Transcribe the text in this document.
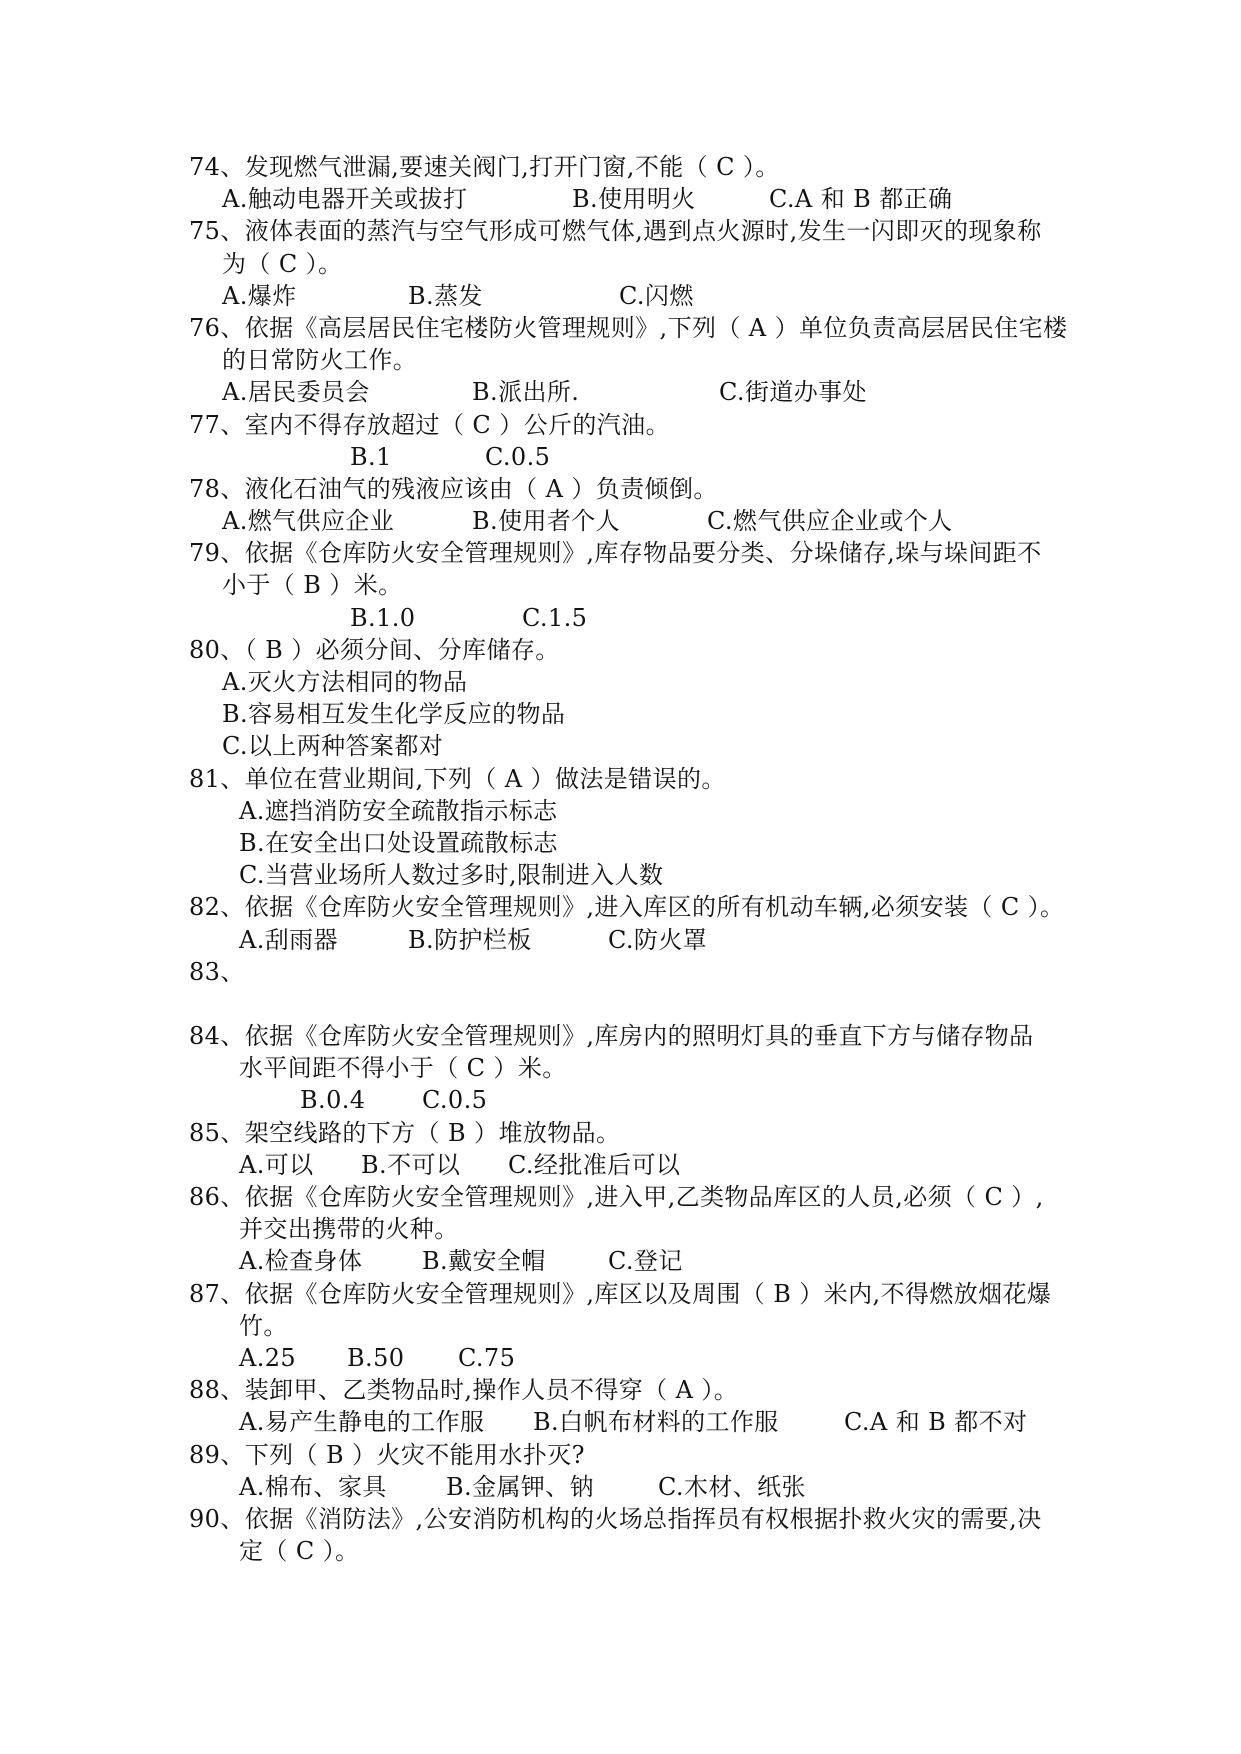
74、发现燃气泄漏,要速关阀门,打开门窗,不能（ C ）。
A.触动电器开关或拔打	B.使用明火	C.A 和 B 都正确
75、液体表面的蒸汽与空气形成可燃气体,遇到点火源时,发生一闪即灭的现象称
为（ C ）。
A.爆炸	B.蒸发	C.闪燃
76、依据《高层居民住宅楼防火管理规则》,下列（ A ）单位负责高层居民住宅楼
的日常防火工作。
A.居民委员会	B.派出所.	C.街道办事处
77、室内不得存放超过（ C ）公斤的汽油。
B.1	C.0.5
78、液化石油气的残液应该由（ A ）负责倾倒。
A.燃气供应企业	B.使用者个人	C.燃气供应企业或个人
79、依据《仓库防火安全管理规则》,库存物品要分类、分垛储存,垛与垛间距不
小于（ B ）米。
B.1.0	C.1.5
80、（ B ）必须分间、分库储存。
A.灭火方法相同的物品
B.容易相互发生化学反应的物品
C.以上两种答案都对
81、单位在营业期间,下列（ A ）做法是错误的。
A.遮挡消防安全疏散指示标志
B.在安全出口处设置疏散标志
C.当营业场所人数过多时,限制进入人数
82、依据《仓库防火安全管理规则》,进入库区的所有机动车辆,必须安装（ C ）。
A.刮雨器	B.防护栏板	C.防火罩
83、
84、依据《仓库防火安全管理规则》,库房内的照明灯具的垂直下方与储存物品
水平间距不得小于（ C ）米。
B.0.4 C.0.5
85、架空线路的下方（ B ）堆放物品。
A.可以 B.不可以 C.经批准后可以
86、依据《仓库防火安全管理规则》,进入甲,乙类物品库区的人员,必须（ C ）,
并交出携带的火种。
A.检查身体 B.戴安全帽	C.登记
87、依据《仓库防火安全管理规则》,库区以及周围（ B ）米内,不得燃放烟花爆
竹。
A.25 B.50 C.75
88、装卸甲、乙类物品时,操作人员不得穿（ A ）。
A.易产生静电的工作服 B.白帆布材料的工作服	C.A 和 B 都不对
89、下列（ B ）火灾不能用水扑灭?
A.棉布、家具 B.金属钾、钠	C.木材、纸张
90、依据《消防法》,公安消防机构的火场总指挥员有权根据扑救火灾的需要,决
定（ C ）。
